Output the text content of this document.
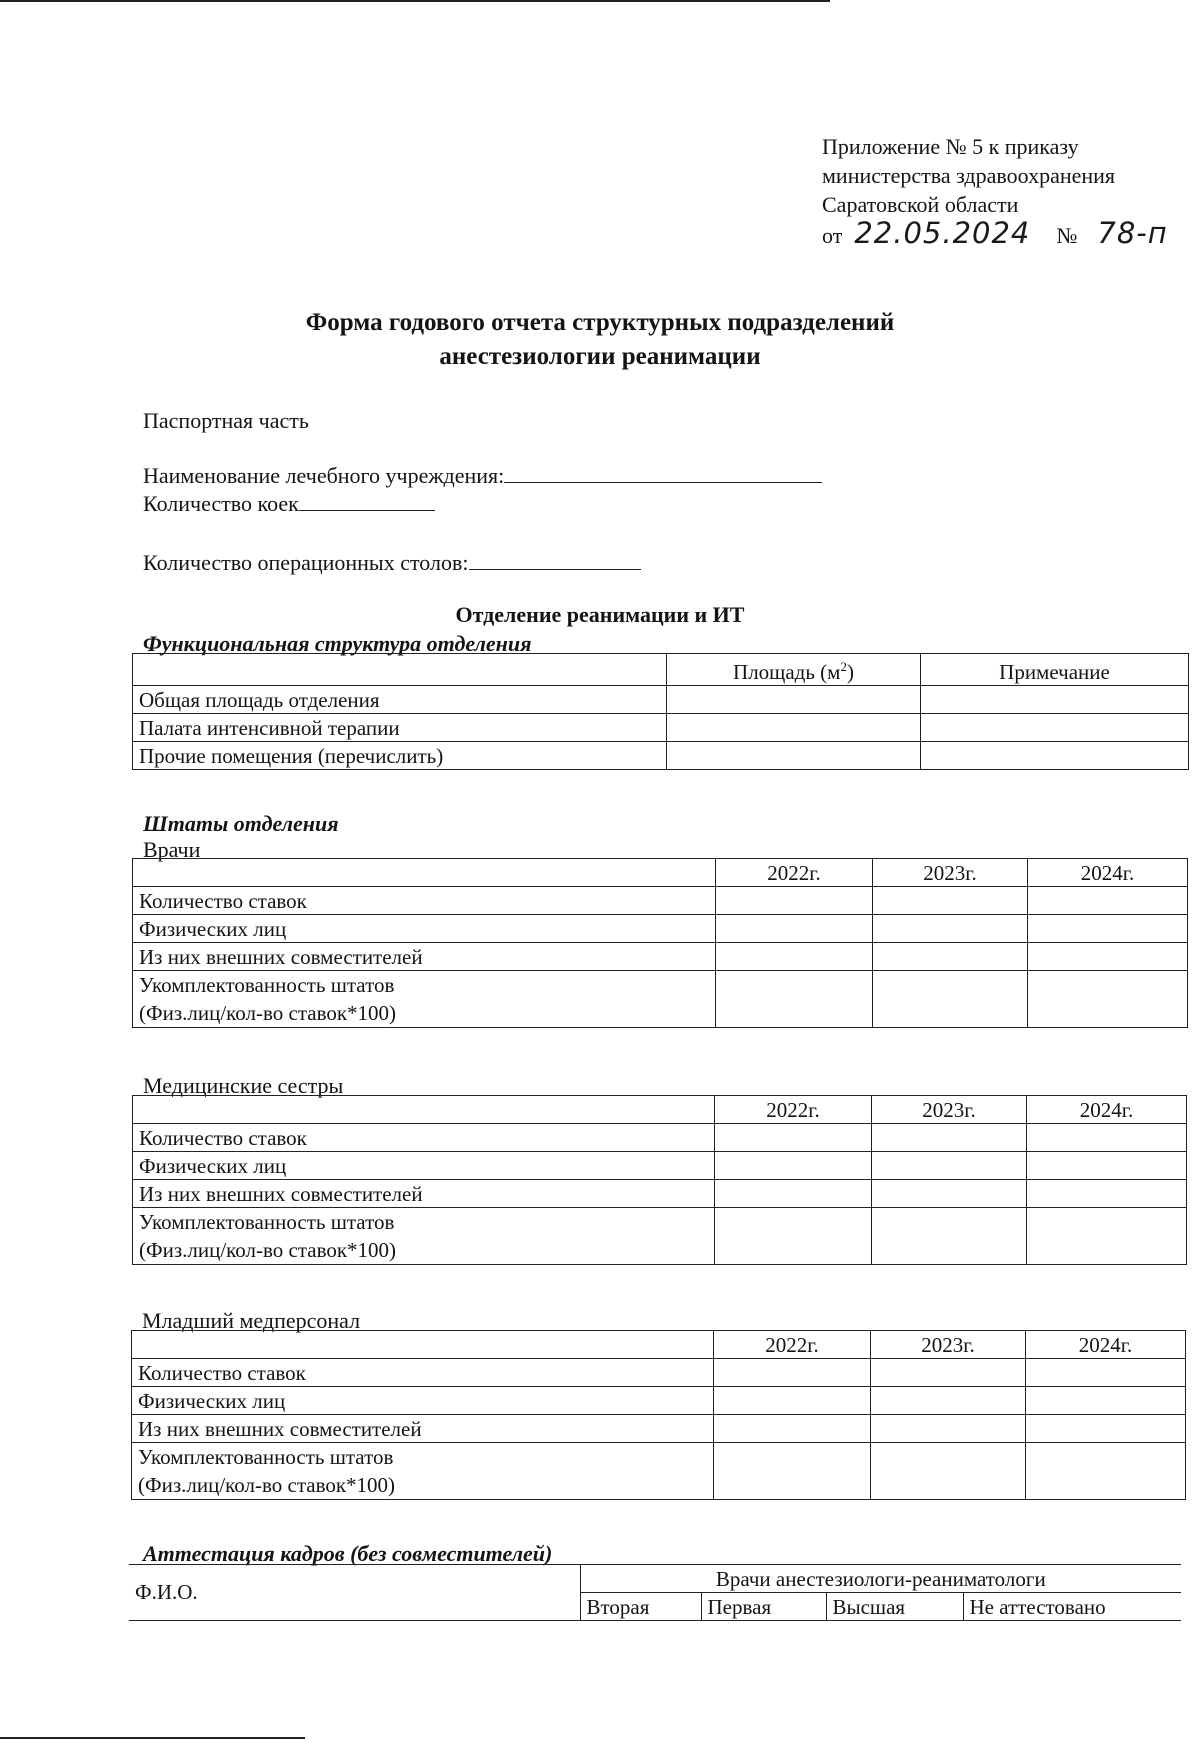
Приложение № 5 к приказу
министерства здравоохранения
Саратовской области
от 22.05.2024 № 78-п
Форма годового отчета структурных подразделений
анестезиологии реанимации
Паспортная часть
Наименование лечебного учреждения:
Количество коек
Количество операционных столов:
Отделение реанимации и ИТ
Функциональная структура отделения
	Площадь $(м^2)$	Примечание
Общая площадь отделения		
Палата интенсивной терапии		
Прочие помещения (перечислить)		
Штаты отделения
Врачи
	2022г.	2023г.	2024г.
Количество ставок			
Физических лиц			
Из них внешних совместителей			

Укомплектованность штатов
(Физ.лиц/кол-во ставок*100)			

Медицинские сестры
	2022г.	2023г.	2024г.
Количество ставок			
Физических лиц			
Из них внешних совместителей			

Укомплектованность штатов
(Физ.лиц/кол-во ставок*100)			

Младший медперсонал
	2022г.	2023г.	2024г.
Количество ставок			
Физических лиц			
Из них внешних совместителей			

Укомплектованность штатов
(Физ.лиц/кол-во ставок*100)			

Аттестация кадров (без совместителей)
Ф.И.О.	Врачи анестезиологи-реаниматологи			
	Вторая	Первая	Высшая	Не аттестовано
